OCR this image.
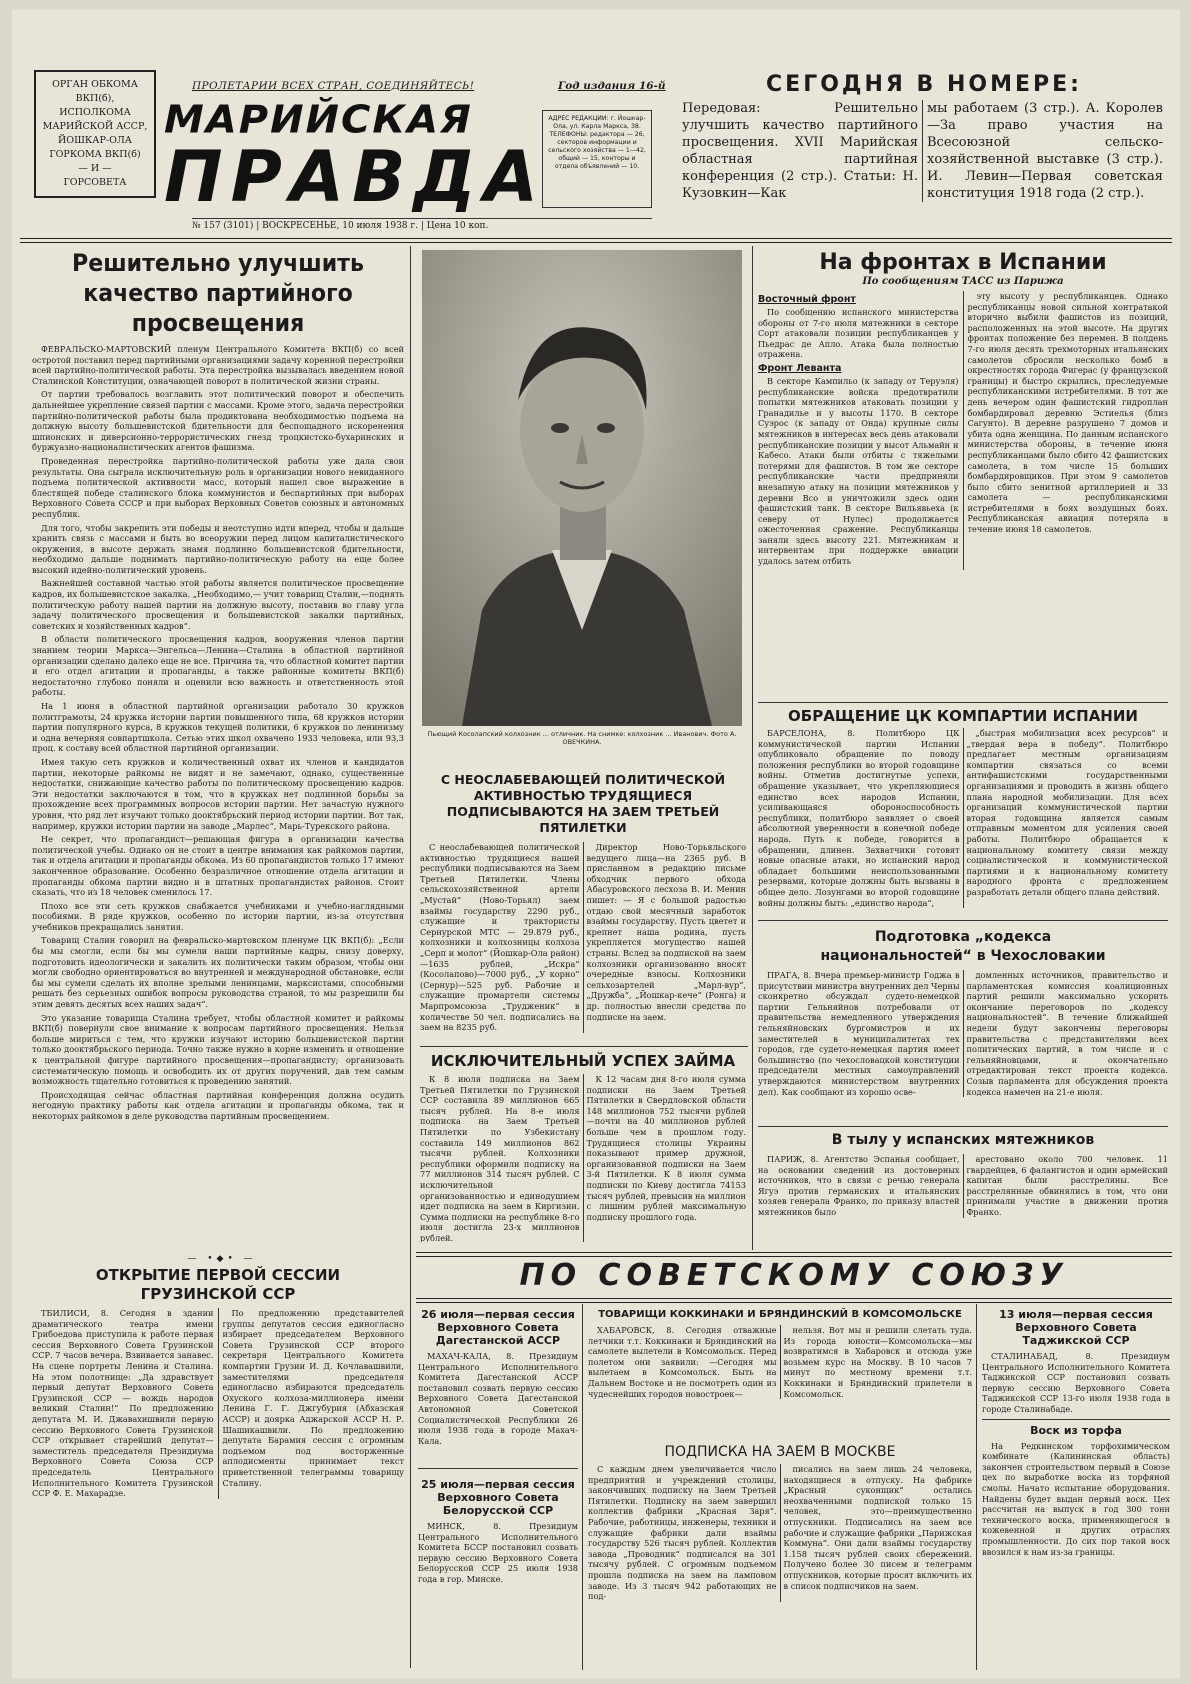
ОРГАН ОБКОМА
ВКП(б), ИСПОЛКОМА
МАРИЙСКОЙ АССР,
ЙОШКАР-ОЛА
ГОРКОМА ВКП(б)
— И —
ГОРСОВЕТА
ПРОЛЕТАРИИ ВСЕХ СТРАН, СОЕДИНЯЙТЕСЬ!
МАРИЙСКАЯ
ПРАВДА
Год издания 16-й
АДРЕС РЕДАКЦИИ: г. Йошкар-Ола, ул. Карла Маркса, 38. ТЕЛЕФОНЫ: редактора — 26, секторов информации и сельского хозяйства — 1—42, общий — 15, конторы и отдела объявлений — 10.
№ 157 (3101) | ВОСКРЕСЕНЬЕ, 10 июля 1938 г. | Цена 10 коп.
СЕГОДНЯ В НОМЕРЕ:
Передовая: Решительно улучшить качество партийного просвещения. XVII Марийская областная партийная конференция (2 стр.). Статьи: Н. Кузовкин—Как
мы работаем (3 стр.). А. Королев—За право участия на Всесоюзной сельско-хозяйственной выставке (3 стр.). И. Левин—Первая советская конституция 1918 года (2 стр.).
Решительно улучшить качество партийного просвещения

ФЕВРАЛЬСКО-МАРТОВСКИЙ пленум Центрального Комитета ВКП(б) со всей остротой поставил перед партийными организациями задачу коренной перестройки всей партийно-политической работы. Эта перестройка вызывалась введением новой Сталинской Конституции, означающей поворот в политической жизни страны.

От партии требовалось возглавить этот политический поворот и обеспечить дальнейшее укрепление связей партии с массами. Кроме этого, задача перестройки партийно-политической работы была продиктована необходимостью подъема на должную высоту большевистской бдительности для беспощадного искоренения шпионских и диверсионно-террористических гнезд троцкистско-бухаринских и буржуазно-националистических агентов фашизма.

Проведенная перестройка партийно-политической работы уже дала свои результаты. Она сыграла исключительную роль в организации нового невиданного подъема политической активности масс, который нашел свое выражение в блестящей победе сталинского блока коммунистов и беспартийных при выборах Верховного Совета СССР и при выборах Верховных Советов союзных и автономных республик.

Для того, чтобы закрепить эти победы и неотступно идти вперед, чтобы и дальше хранить связь с массами и быть во всеоружии перед лицом капиталистического окружения, в высоте держать знамя подлинно большевистской бдительности, необходимо дальше поднимать партийно-политическую работу на еще более высокий идейно-политический уровень.

Важнейшей составной частью этой работы является политическое просвещение кадров, их большевистское закалка. „Необходимо,— учит товарищ Сталин,—поднять политическую работу нашей партии на должную высоту, поставив во главу угла задачу политического просвещения и большевистской закалки партийных, советских и хозяйственных кадров“.

В области политического просвещения кадров, вооружения членов партии знанием теории Маркса—Энгельса—Ленина—Сталина в областной партийной организации сделано далеко еще не все. Причина та, что областной комитет партии и его отдел агитации и пропаганды, а также районные комитеты ВКП(б) недостаточно глубоко поняли и оценили всю важность и ответственность этой работы.

На 1 июня в областной партийной организации работало 30 кружков политграмоты, 24 кружка истории партии повышенного типа, 68 кружков истории партии популярного курса, 8 кружков текущей политики, 6 кружков по ленинизму и одна вечерняя совпартшкола. Сетью этих школ охвачено 1933 человека, или 93,3 проц. к составу всей областной партийной организации.

Имея такую сеть кружков и количественный охват их членов и кандидатов партии, некоторые райкомы не видят и не замечают, однако, существенные недостатки, снижающие качество работы по политическому просвещению кадров. Эти недостатки заключаются в том, что в кружках нет подлинной борьбы за прохождение всех программных вопросов истории партии. Нет зачастую нужного уровня, что ряд лет изучают только дооктябрьский период истории партии. Вот так, например, кружки истории партии на заводе „Марлес“, Марь-Турекского района.

Не секрет, что пропагандист—решающая фигура в организации качества политической учебы. Однако он не стоит в центре внимания как райкомов партии, так и отдела агитации и пропаганды обкома. Из 60 пропагандистов только 17 имеют законченное образование. Особенно безразличное отношение отдела агитации и пропаганды обкома партии видно и в штатных пропагандистах районов. Стоит сказать, что из 18 человек сменилось 17.

Плохо все эти сеть кружков снабжается учебниками и учебно-наглядными пособиями. В ряде кружков, особенно по истории партии, из-за отсутствия учебников прекращались занятия.

Товарищ Сталин говорил на февральско-мартовском пленуме ЦК ВКП(б): „Если бы мы смогли, если бы мы сумели наши партийные кадры, снизу доверху, подготовить идеологически и закалить их политически таким образом, чтобы они могли свободно ориентироваться во внутренней и международной обстановке, если бы мы сумели сделать их вполне зрелыми ленинцами, марксистами, способными решать без серьезных ошибок вопросы руководства страной, то мы разрешили бы этим девять десятых всех наших задач“.

Это указание товарища Сталина требует, чтобы областной комитет и райкомы ВКП(б) повернули свое внимание к вопросам партийного просвещения. Нельзя больше мириться с тем, что кружки изучают историю большевистской партии только дооктябрьского периода. Точно также нужно в корне изменить и отношение к центральной фигуре партийного просвещения—пропагандисту; организовать систематическую помощь и освободить их от других поручений, дав тем самым возможность тщательно готовиться к проведению занятий.

Происходящая сейчас областная партийная конференция должна осудить негодную практику работы как отдела агитации и пропаганды обкома, так и некоторых райкомов в деле руководства партийным просвещением.

— •◆• —
ОТКРЫТИЕ ПЕРВОЙ СЕССИИ ГРУЗИНСКОЙ ССР

ТБИЛИСИ, 8. Сегодня в здании драматического театра имени Грибоедова приступила к работе первая сессия Верховного Совета Грузинской ССР. 7 часов вечера. Взвивается занавес. На сцене портреты Ленина и Сталина. На этом полотнище: „Да здравствует первый депутат Верховного Совета Грузинской ССР — вождь народов великий Сталин!“ По предложению депутата М. И. Джавахишвили первую сессию Верховного Совета Грузинской ССР открывает старейший депутат—заместитель председателя Президиума Верховного Совета Союза ССР председатель Центрального Исполнительного Комитета Грузинской ССР Ф. Е. Махарадзе.

По предложению представителей группы депутатов сессия единогласно избирает председателем Верховного Совета Грузинской ССР второго секретаря Центрального Комитета компартии Грузии И. Д. Кочлавашвили, заместителями председателя единогласно избираются председатель Охуского колхоза-миллионера имени Ленина Г. Г. Джгубурия (Абхазская АССР) и доярка Аджарской АССР Н. Р. Шашикашвили. По предложению депутата Барамия сессия с огромным подъемом под восторженные аплодисменты принимает текст приветственной телеграммы товарищу Сталину.

Пьющий Косолапский колхозник ... отличник. На снимке: колхозник ... Иванович. Фото А. ОВЕЧКИНА.
С НЕОСЛАБЕВАЮЩЕЙ ПОЛИТИЧЕСКОЙ АКТИВНОСТЬЮ ТРУДЯЩИЕСЯ ПОДПИСЫВАЮТСЯ НА ЗАЕМ ТРЕТЬЕЙ ПЯТИЛЕТКИ

С неослабевающей политической активностью трудящиеся нашей республики подписываются на Заем Третьей Пятилетки. Члены сельскохозяйственной артели „Мустай“ (Ново-Торьял) заем взаймы государству 2290 руб., служащие и трактористы Сернурской МТС — 29.879 руб., колхозники и колхозницы колхоза „Серп и молот“ (Йошкар-Ола район)—1635 рублей, „Искра“ (Косолапово)—7000 руб., „У корно“ (Сернур)—525 руб. Рабочие и служащие промартели системы Марпромсоюза „Трудженик“ в количестве 50 чел. подписались на заем на 8235 руб.

Директор Ново-Торьяльского ведущего лица—на 2365 руб. В присланном в редакцию письме обходчик первого обхода Абасуровского лесхоза В. И. Менин пишет: — Я с большой радостью отдаю свой месячный заработок взаймы государству. Пусть цветет и крепнет наша родина, пусть укрепляется могущество нашей страны. Вслед за подпиской на заем колхозники организованно вносят очередные взносы. Колхозники сельхозартелей „Марл-вур“, „Дружба“, „Йошкар-кече“ (Ронга) и др. полностью внесли средства по подписке на заем.

ИСКЛЮЧИТЕЛЬНЫЙ УСПЕХ ЗАЙМА

К 8 июля подписка на Заем Третьей Пятилетки по Грузинской ССР составила 89 миллионов 665 тысяч рублей. На 8-е июля подписка на Заем Третьей Пятилетки по Узбекистану составила 149 миллионов 862 тысячи рублей. Колхозники республики оформили подписку на 77 миллионов 314 тысяч рублей. С исключительной организованностью и единодушием идет подписка на заем в Киргизии. Сумма подписки на республике 8-го июля достигла 23-х миллионов рублей.

К 12 часам дня 8-го июля сумма подписки на Заем Третьей Пятилетки в Свердловской области 148 миллионов 752 тысячи рублей—почти на 40 миллионов рублей больше чем в прошлом году. Трудящиеся столицы Украины показывают пример дружной, организованной подписки на Заем 3-й Пятилетки. К 8 июля сумма подписки по Киеву достигла 74153 тысяч рублей, превысив на миллион с лишним рублей максимальную подписку прошлого года.

На фронтах в Испании
По сообщениям ТАСС из Парижа
Восточный фронт

По сообщению испанского министерства обороны от 7-го июля мятежники в секторе Сорт атаковали позиции республиканцев у Пьедрас де Апло. Атака была полностью отражена.

Фронт Леванта

В секторе Кампильо (к западу от Теруэля) республиканские войска предотвратили попытки мятежников атаковать позиции у Гранадилье и у высоты 1170. В секторе Суэрос (к западу от Онда) крупные силы мятежников в интересах весь день атаковали республиканские позиции у высот Альмайн и Кабесо. Атаки были отбиты с тяжелыми потерями для фашистов. В том же секторе республиканские части предприняли внезапную атаку на позиции мятежников у деревни Всо и уничтожили здесь один фашистский танк. В секторе Вильявьеха (к северу от Нулес) продолжается ожесточенная сражение. Республиканцы заняли здесь высоту 221. Мятежникам и интервентам при поддержке авиации удалось затем отбить

эту высоту у республиканцев. Однако республиканцы новой сильной контратакой вторично выбили фашистов из позиций, расположенных на этой высоте. На других фронтах положение без перемен. В полдень 7-го июля десять трехмоторных итальянских самолетов сбросили несколько бомб в окрестностях города Фигерас (у французской границы) и быстро скрылись, преследуемые республиканскими истребителями. В тот же день вечером один фашистский гидроплан бомбардировал деревню Эстиелья (близ Сагунто). В деревне разрушено 7 домов и убита одна женщина. По данным испанского министерства обороны, в течение июня республиканцами было сбито 42 фашистских самолета, в том числе 15 больших бомбардировщиков. При этом 9 самолетов было сбито зенитной артиллерией и 33 самолета — республиканскими истребителями в боях воздушных боях. Республиканская авиация потеряла в течение июня 18 самолетов.

ОБРАЩЕНИЕ ЦК КОМПАРТИИ ИСПАНИИ

БАРСЕЛОНА, 8. Политбюро ЦК коммунистической партии Испании опубликовало обращение по поводу положения республики во второй годовщине войны. Отметив достигнутые успехи, обращение указывает, что укрепляющиеся единство всех народов Испании, усиливающаяся обороноспособность республики, политбюро заявляет о своей абсолютной уверенности в конечной победе народа. Путь к победе, говорится в обращении, длинен. Захватчики готовят новые опасные атаки, но испанский народ обладает большими неиспользованными резервами, которые должны быть вызваны в общее дело. Лозунгами во второй годовщине войны должны быть: „единство народа“,

„быстрая мобилизация всех ресурсов“ и „твердая вера в победу“. Политбюро предлагает местным организациям компартии связаться со всеми антифашистскими государственными организациями и проводить в жизнь общего плана народной мобилизации. Для всех организаций коммунистической партии вторая годовщина является самым отправным моментом для усиления своей работы. Политбюро обращается к национальному комитету связи между социалистической и коммунистической партиями и к национальному комитету народного фронта с предложением разработать детали общего плана действий.

Подготовка „кодекса национальностей“ в Чехословакии

ПРАГА, 8. Вчера премьер-министр Годжа в присутствии министра внутренних дел Черны сконкретно обсуждал судето-немецкой партии Гельняйнов потребовали от правительства немедленного утверждения гельняйновских бургомистров и их заместителей в муниципалитетах тех городов, где судето-немецкая партия имеет большинство (по чехословацкой конституции председатели местных самоуправлений утверждаются министерством внутренних дел). Как сообщают из хорошо осве-

домленных источников, правительство и парламентская комиссия коалиционных партий решили максимально ускорить окончание переговоров по „кодексу национальностей“. В течение ближайшей недели будут закончены переговоры правительства с представителями всех политических партий, в том числе и с гельняйновцами, и окончательно отредактирован текст проекта кодекса. Созыв парламента для обсуждения проекта кодекса намечен на 21-е июля.

В тылу у испанских мятежников

ПАРИЖ, 8. Агентство Эспанья сообщает, на основании сведений из достоверных источников, что в связи с речью генерала Ягуэ против германских и итальянских хозяев генерала Франко, по приказу властей мятежников было

арестовано около 700 человек. 11 гвардейцев, 6 фалангистов и один армейский капитан были расстреляны. Все расстрелянные обвинялись в том, что они принимали участие в движении против Франко.

ПО СОВЕТСКОМУ СОЮЗУ
26 июля—первая сессия Верховного Совета Дагестанской АССР

МАХАЧ-КАЛА, 8. Президиум Центрального Исполнительного Комитета Дагестанской АССР постановил созвать первую сессию Верховного Совета Дагестанской Автономной Советской Социалистической Республики 26 июля 1938 года в городе Махач-Кала.

25 июля—первая сессия Верховного Совета Белорусской ССР

МИНСК, 8. Президиум Центрального Исполнительного Комитета БССР постановил созвать первую сессию Верховного Совета Белорусской ССР 25 июля 1938 года в гор. Минске.

ТОВАРИЩИ КОККИНАКИ И БРЯНДИНСКИЙ В КОМСОМОЛЬСКЕ

ХАБАРОВСК, 8. Сегодня отважные летчики т.т. Коккинаки и Бряндинский на самолете вылетели в Комсомольск. Перед полетом они заявили: —Сегодня мы вылетаем в Комсомольск. Быть на Дальнем Востоке и не посмотреть один из чудеснейших городов новостроек—

нельзя. Вот мы и решили слетать туда. Из города юности—Комсомольска—мы возвратимся в Хабаровск и отсюда уже возьмем курс на Москву. В 10 часов 7 минут по местному времени т.т. Коккинаки и Бряндинский прилетели в Комсомольск.

ПОДПИСКА НА ЗАЕМ В МОСКВЕ

С каждым днем увеличивается число предприятий и учреждений столицы, закончивших подписку на Заем Третьей Пятилетки. Подписку на заем завершил коллектив фабрики „Красная Заря“. Рабочие, работницы, инженеры, техники и служащие фабрики дали взаймы государству 526 тысяч рублей. Коллектив завода „Проводник“ подписался на 301 тысячу рублей. С огромным подъемом прошла подписка на заем на ламповом заводе. Из 3 тысяч 942 работающих не под-

писались на заем лишь 24 человека, находящиеся в отпуску. На фабрике „Красный суконщик“ остались неохваченными подпиской только 15 человек, это—преимущественно отпускники. Подписались на заем все рабочие и служащие фабрики „Парижская Коммуна“. Они дали взаймы государству 1.158 тысяч рублей своих сбережений. Получено более 30 писем и телеграмм отпускников, которые просят включить их в список подписчиков на заем.

13 июля—первая сессия Верховного Совета Таджикской ССР

СТАЛИНАБАД, 8. Президиум Центрального Исполнительного Комитета Таджикской ССР постановил созвать первую сессию Верховного Совета Таджикской ССР 13-го июля 1938 года в городе Сталинабаде.

Воск из торфа

На Редкинском торфохимическом комбинате (Калининская область) закончен строительством первый в Союзе цех по выработке воска из торфяной смолы. Начато испытание оборудования. Найдены будет выдан первый воск. Цех рассчитан на выпуск в год 300 тонн технического воска, применяющегося в кожевенной и других отраслях промышленности. До сих пор такой воск ввозился к нам из-за границы.
